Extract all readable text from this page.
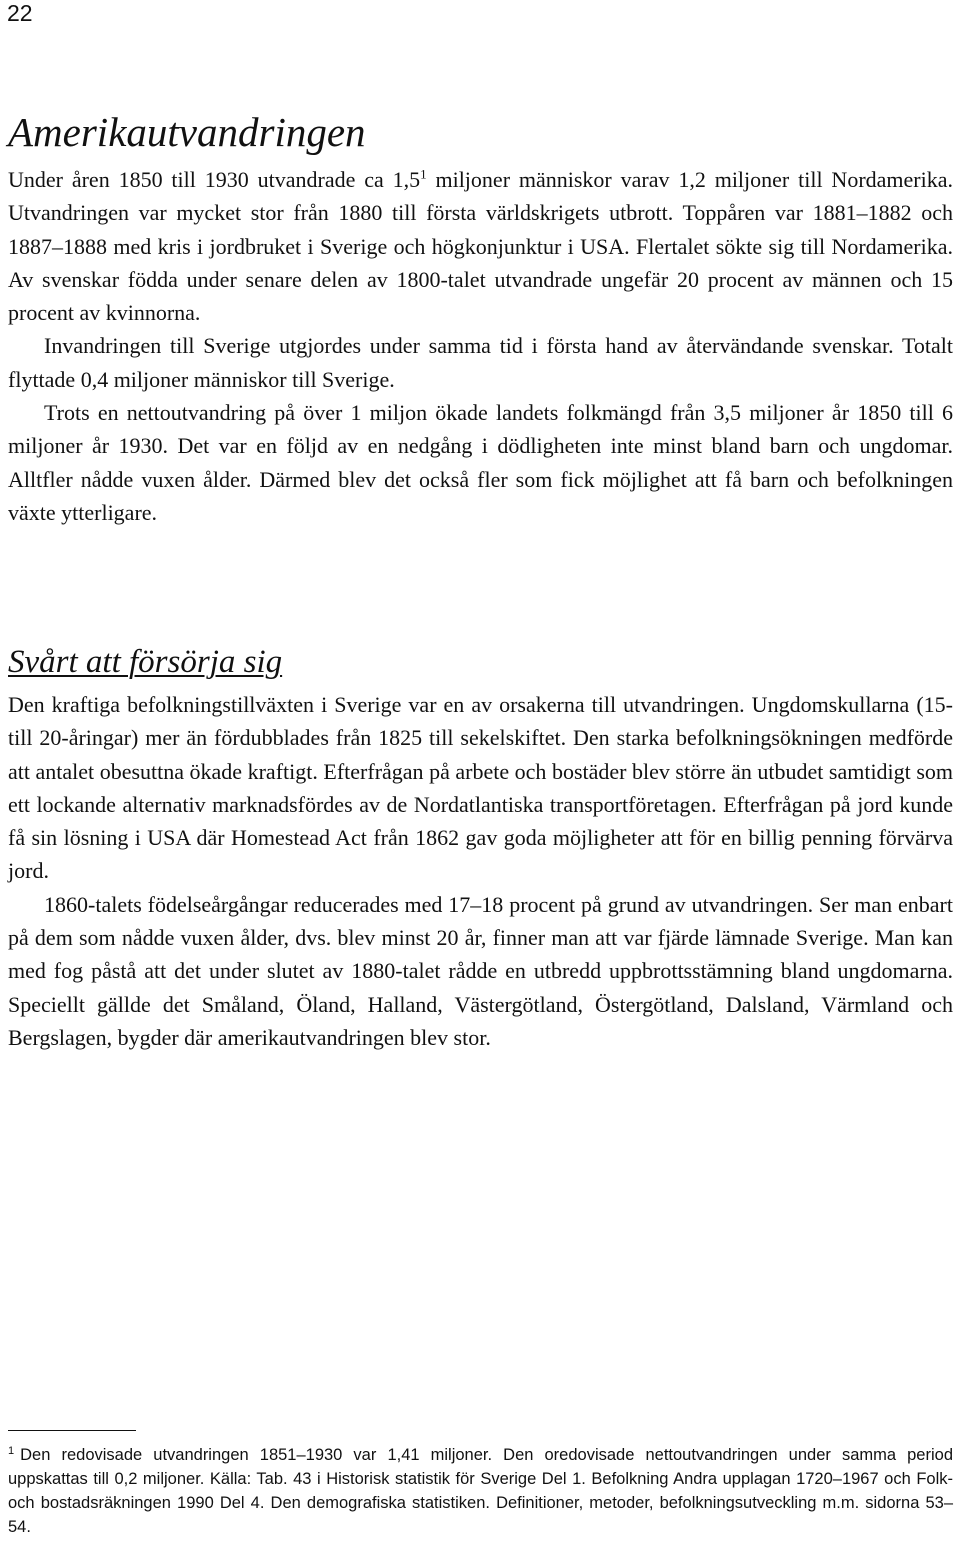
22
Amerikautvandringen

Under åren 1850 till 1930 utvandrade ca $1,5^1$ miljoner människor varav 1,2 miljoner till Nordamerika. Utvandringen var mycket stor från 1880 till första världskrigets utbrott. Toppåren var 1881–1882 och 1887–1888 med kris i jordbruket i Sverige och högkonjunktur i USA. Flertalet sökte sig till Nordamerika. Av svenskar födda under senare delen av 1800-talet utvandrade ungefär 20 procent av männen och 15 procent av kvinnorna.

Invandringen till Sverige utgjordes under samma tid i första hand av återvändande svenskar. Totalt flyttade 0,4 miljoner människor till Sverige.

Trots en nettoutvandring på över 1 miljon ökade landets folkmängd från 3,5 miljoner år 1850 till 6 miljoner år 1930. Det var en följd av en nedgång i dödligheten inte minst bland barn och ungdomar. Alltfler nådde vuxen ålder. Därmed blev det också fler som fick möjlighet att få barn och befolkningen växte ytterligare.

Svårt att försörja sig

Den kraftiga befolkningstillväxten i Sverige var en av orsakerna till utvandringen. Ungdomskullarna (15- till 20-åringar) mer än fördubblades från 1825 till sekelskiftet. Den starka befolkningsökningen medförde att antalet obesuttna ökade kraftigt. Efterfrågan på arbete och bostäder blev större än utbudet samtidigt som ett lockande alternativ marknadsfördes av de Nordatlantiska transportföretagen. Efterfrågan på jord kunde få sin lösning i USA där Homestead Act från 1862 gav goda möjligheter att för en billig penning förvärva jord.

1860-talets födelseårgångar reducerades med 17–18 procent på grund av utvandringen. Ser man enbart på dem som nådde vuxen ålder, dvs. blev minst 20 år, finner man att var fjärde lämnade Sverige. Man kan med fog påstå att det under slutet av 1880-talet rådde en utbredd uppbrottsstämning bland ungdomarna. Speciellt gällde det Småland, Öland, Halland, Västergötland, Östergötland, Dalsland, Värmland och Bergslagen, bygder där amerikautvandringen blev stor.

$^1$ Den redovisade utvandringen 1851–1930 var 1,41 miljoner. Den oredovisade nettoutvandringen under samma period uppskattas till 0,2 miljoner. Källa: Tab. 43 i Historisk statistik för Sverige Del 1. Befolkning Andra upplagan 1720–1967 och Folk- och bostadsräkningen 1990 Del 4. Den demografiska statistiken. Definitioner, metoder, befolkningsutveckling m.m. sidorna 53–54.
